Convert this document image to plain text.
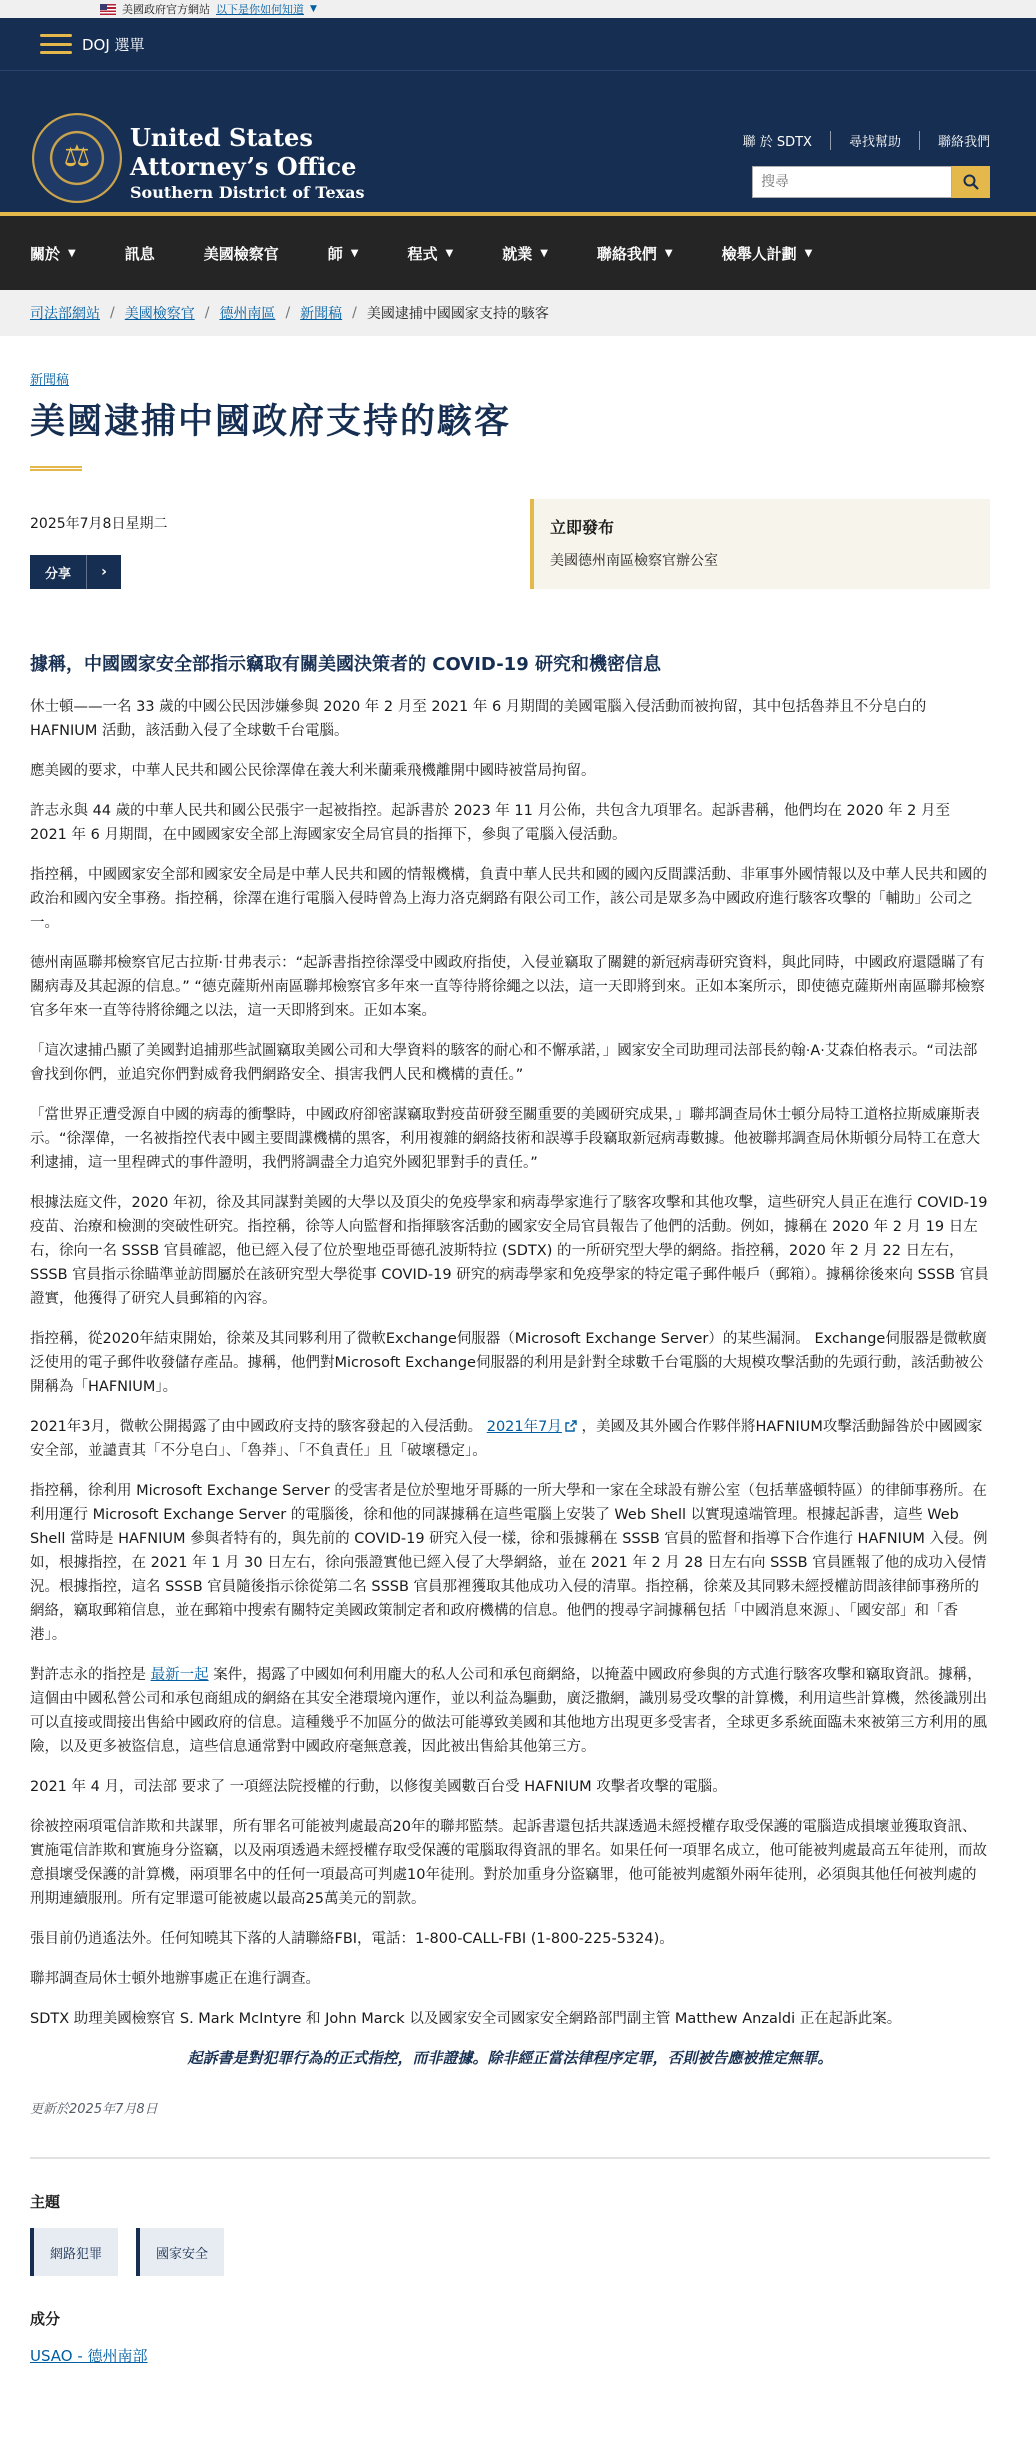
美國政府官方網站 以下是你如何知道 ▼
DOJ 選單
⚖
United States
Attorney’s Office
Southern District of Texas
聯 於 SDTX	尋找幫助	聯絡我們
搜尋
關於 ▼	訊息	美國檢察官	師 ▼	程式 ▼	就業 ▼	聯絡我們 ▼	檢舉人計劃 ▼
司法部網站 / 美國檢察官 / 德州南區 / 新聞稿 / 美國逮捕中國國家支持的駭客
新聞稿
美國逮捕中國政府支持的駭客
2025年7月8日星期二
分享	›
立即發布
美國德州南區檢察官辦公室
據稱，中國國家安全部指示竊取有關美國決策者的 COVID-19 研究和機密信息

休士頓——一名 33 歲的中國公民因涉嫌參與 2020 年 2 月至 2021 年 6 月期間的美國電腦入侵活動而被拘留，其中包括魯莽且不分皂白的 HAFNIUM 活動，該活動入侵了全球數千台電腦。

應美國的要求，中華人民共和國公民徐澤偉在義大利米蘭乘飛機離開中國時被當局拘留。

許志永與 44 歲的中華人民共和國公民張宇一起被指控。起訴書於 2023 年 11 月公佈，共包含九項罪名。起訴書稱，他們均在 2020 年 2 月至 2021 年 6 月期間，在中國國家安全部上海國家安全局官員的指揮下，參與了電腦入侵活動。

指控稱，中國國家安全部和國家安全局是中華人民共和國的情報機構，負責中華人民共和國的國內反間諜活動、非軍事外國情報以及中華人民共和國的政治和國內安全事務。指控稱，徐澤在進行電腦入侵時曾為上海力洛克網路有限公司工作，該公司是眾多為中國政府進行駭客攻擊的「輔助」公司之一。

德州南區聯邦檢察官尼古拉斯·甘弗表示：“起訴書指控徐澤受中國政府指使，入侵並竊取了關鍵的新冠病毒研究資料，與此同時，中國政府還隱瞞了有關病毒及其起源的信息。” “德克薩斯州南區聯邦檢察官多年來一直等待將徐繩之以法，這一天即將到來。正如本案所示，即使德克薩斯州南區聯邦檢察官多年來一直等待將徐繩之以法，這一天即將到來。正如本案。

「這次逮捕凸顯了美國對追捕那些試圖竊取美國公司和大學資料的駭客的耐心和不懈承諾，」國家安全司助理司法部長約翰·A·艾森伯格表示。“司法部會找到你們，並追究你們對威脅我們網路安全、損害我們人民和機構的責任。”

「當世界正遭受源自中國的病毒的衝擊時，中國政府卻密謀竊取對疫苗研發至關重要的美國研究成果，」聯邦調查局休士頓分局特工道格拉斯威廉斯表示。“徐澤偉，一名被指控代表中國主要間諜機構的黑客，利用複雜的網絡技術和誤導手段竊取新冠病毒數據。他被聯邦調查局休斯頓分局特工在意大利逮捕，這一里程碑式的事件證明，我們將調盡全力追究外國犯罪對手的責任。”

根據法庭文件，2020 年初，徐及其同謀對美國的大學以及頂尖的免疫學家和病毒學家進行了駭客攻擊和其他攻擊，這些研究人員正在進行 COVID-19 疫苗、治療和檢測的突破性研究。指控稱，徐等人向監督和指揮駭客活動的國家安全局官員報告了他們的活動。例如，據稱在 2020 年 2 月 19 日左右，徐向一名 SSSB 官員確認，他已經入侵了位於聖地亞哥德孔波斯特拉 (SDTX) 的一所研究型大學的網絡。指控稱，2020 年 2 月 22 日左右，SSSB 官員指示徐瞄準並訪問屬於在該研究型大學從事 COVID-19 研究的病毒學家和免疫學家的特定電子郵件帳戶（郵箱）。據稱徐後來向 SSSB 官員證實，他獲得了研究人員郵箱的內容。

指控稱，從2020年結束開始，徐萊及其同夥利用了微軟Exchange伺服器（Microsoft Exchange Server）的某些漏洞。 Exchange伺服器是微軟廣泛使用的電子郵件收發儲存產品。據稱，他們對Microsoft Exchange伺服器的利用是針對全球數千台電腦的大規模攻擊活動的先頭行動，該活動被公開稱為「HAFNIUM」。

2021年3月，微軟公開揭露了由中國政府支持的駭客發起的入侵活動。 2021年7月 ，美國及其外國合作夥伴將HAFNIUM攻擊活動歸咎於中國國家安全部，並譴責其「不分皂白」、「魯莽」、「不負責任」且「破壞穩定」。

指控稱，徐利用 Microsoft Exchange Server 的受害者是位於聖地牙哥縣的一所大學和一家在全球設有辦公室（包括華盛頓特區）的律師事務所。在利用運行 Microsoft Exchange Server 的電腦後，徐和他的同謀據稱在這些電腦上安裝了 Web Shell 以實現遠端管理。根據起訴書，這些 Web Shell 當時是 HAFNIUM 參與者特有的，與先前的 COVID-19 研究入侵一樣，徐和張據稱在 SSSB 官員的監督和指導下合作進行 HAFNIUM 入侵。例如，根據指控，在 2021 年 1 月 30 日左右，徐向張證實他已經入侵了大學網絡，並在 2021 年 2 月 28 日左右向 SSSB 官員匯報了他的成功入侵情況。根據指控，這名 SSSB 官員隨後指示徐從第二名 SSSB 官員那裡獲取其他成功入侵的清單。指控稱，徐萊及其同夥未經授權訪問該律師事務所的網絡，竊取郵箱信息，並在郵箱中搜索有關特定美國政策制定者和政府機構的信息。他們的搜尋字詞據稱包括「中國消息來源」、「國安部」和「香港」。

對許志永的指控是 最新一起 案件，揭露了中國如何利用龐大的私人公司和承包商網絡，以掩蓋中國政府參與的方式進行駭客攻擊和竊取資訊。據稱，這個由中國私營公司和承包商組成的網絡在其安全港環境內運作，並以利益為驅動，廣泛撒網，識別易受攻擊的計算機，利用這些計算機，然後識別出可以直接或間接出售給中國政府的信息。這種幾乎不加區分的做法可能導致美國和其他地方出現更多受害者，全球更多系統面臨未來被第三方利用的風險，以及更多被盜信息，這些信息通常對中國政府毫無意義，因此被出售給其他第三方。

2021 年 4 月，司法部 要求了 一項經法院授權的行動，以修復美國數百台受 HAFNIUM 攻擊者攻擊的電腦。

徐被控兩項電信詐欺和共謀罪，所有罪名可能被判處最高20年的聯邦監禁。起訴書還包括共謀透過未經授權存取受保護的電腦造成損壞並獲取資訊、實施電信詐欺和實施身分盜竊，以及兩項透過未經授權存取受保護的電腦取得資訊的罪名。如果任何一項罪名成立，他可能被判處最高五年徒刑，而故意損壞受保護的計算機，兩項罪名中的任何一項最高可判處10年徒刑。對於加重身分盜竊罪，他可能被判處額外兩年徒刑，必須與其他任何被判處的刑期連續服刑。所有定罪還可能被處以最高25萬美元的罰款。

張目前仍逍遙法外。任何知曉其下落的人請聯絡FBI，電話：1-800-CALL-FBI (1-800-225-5324)。

聯邦調查局休士頓外地辦事處正在進行調查。

SDTX 助理美國檢察官 S. Mark McIntyre 和 John Marck 以及國家安全司國家安全網路部門副主管 Matthew Anzaldi 正在起訴此案。

起訴書是對犯罪行為的正式指控，而非證據。除非經正當法律程序定罪，否則被告應被推定無罪。
更新於2025年7月8日
主題
網路犯罪	國家安全
成分
USAO - 德州南部
